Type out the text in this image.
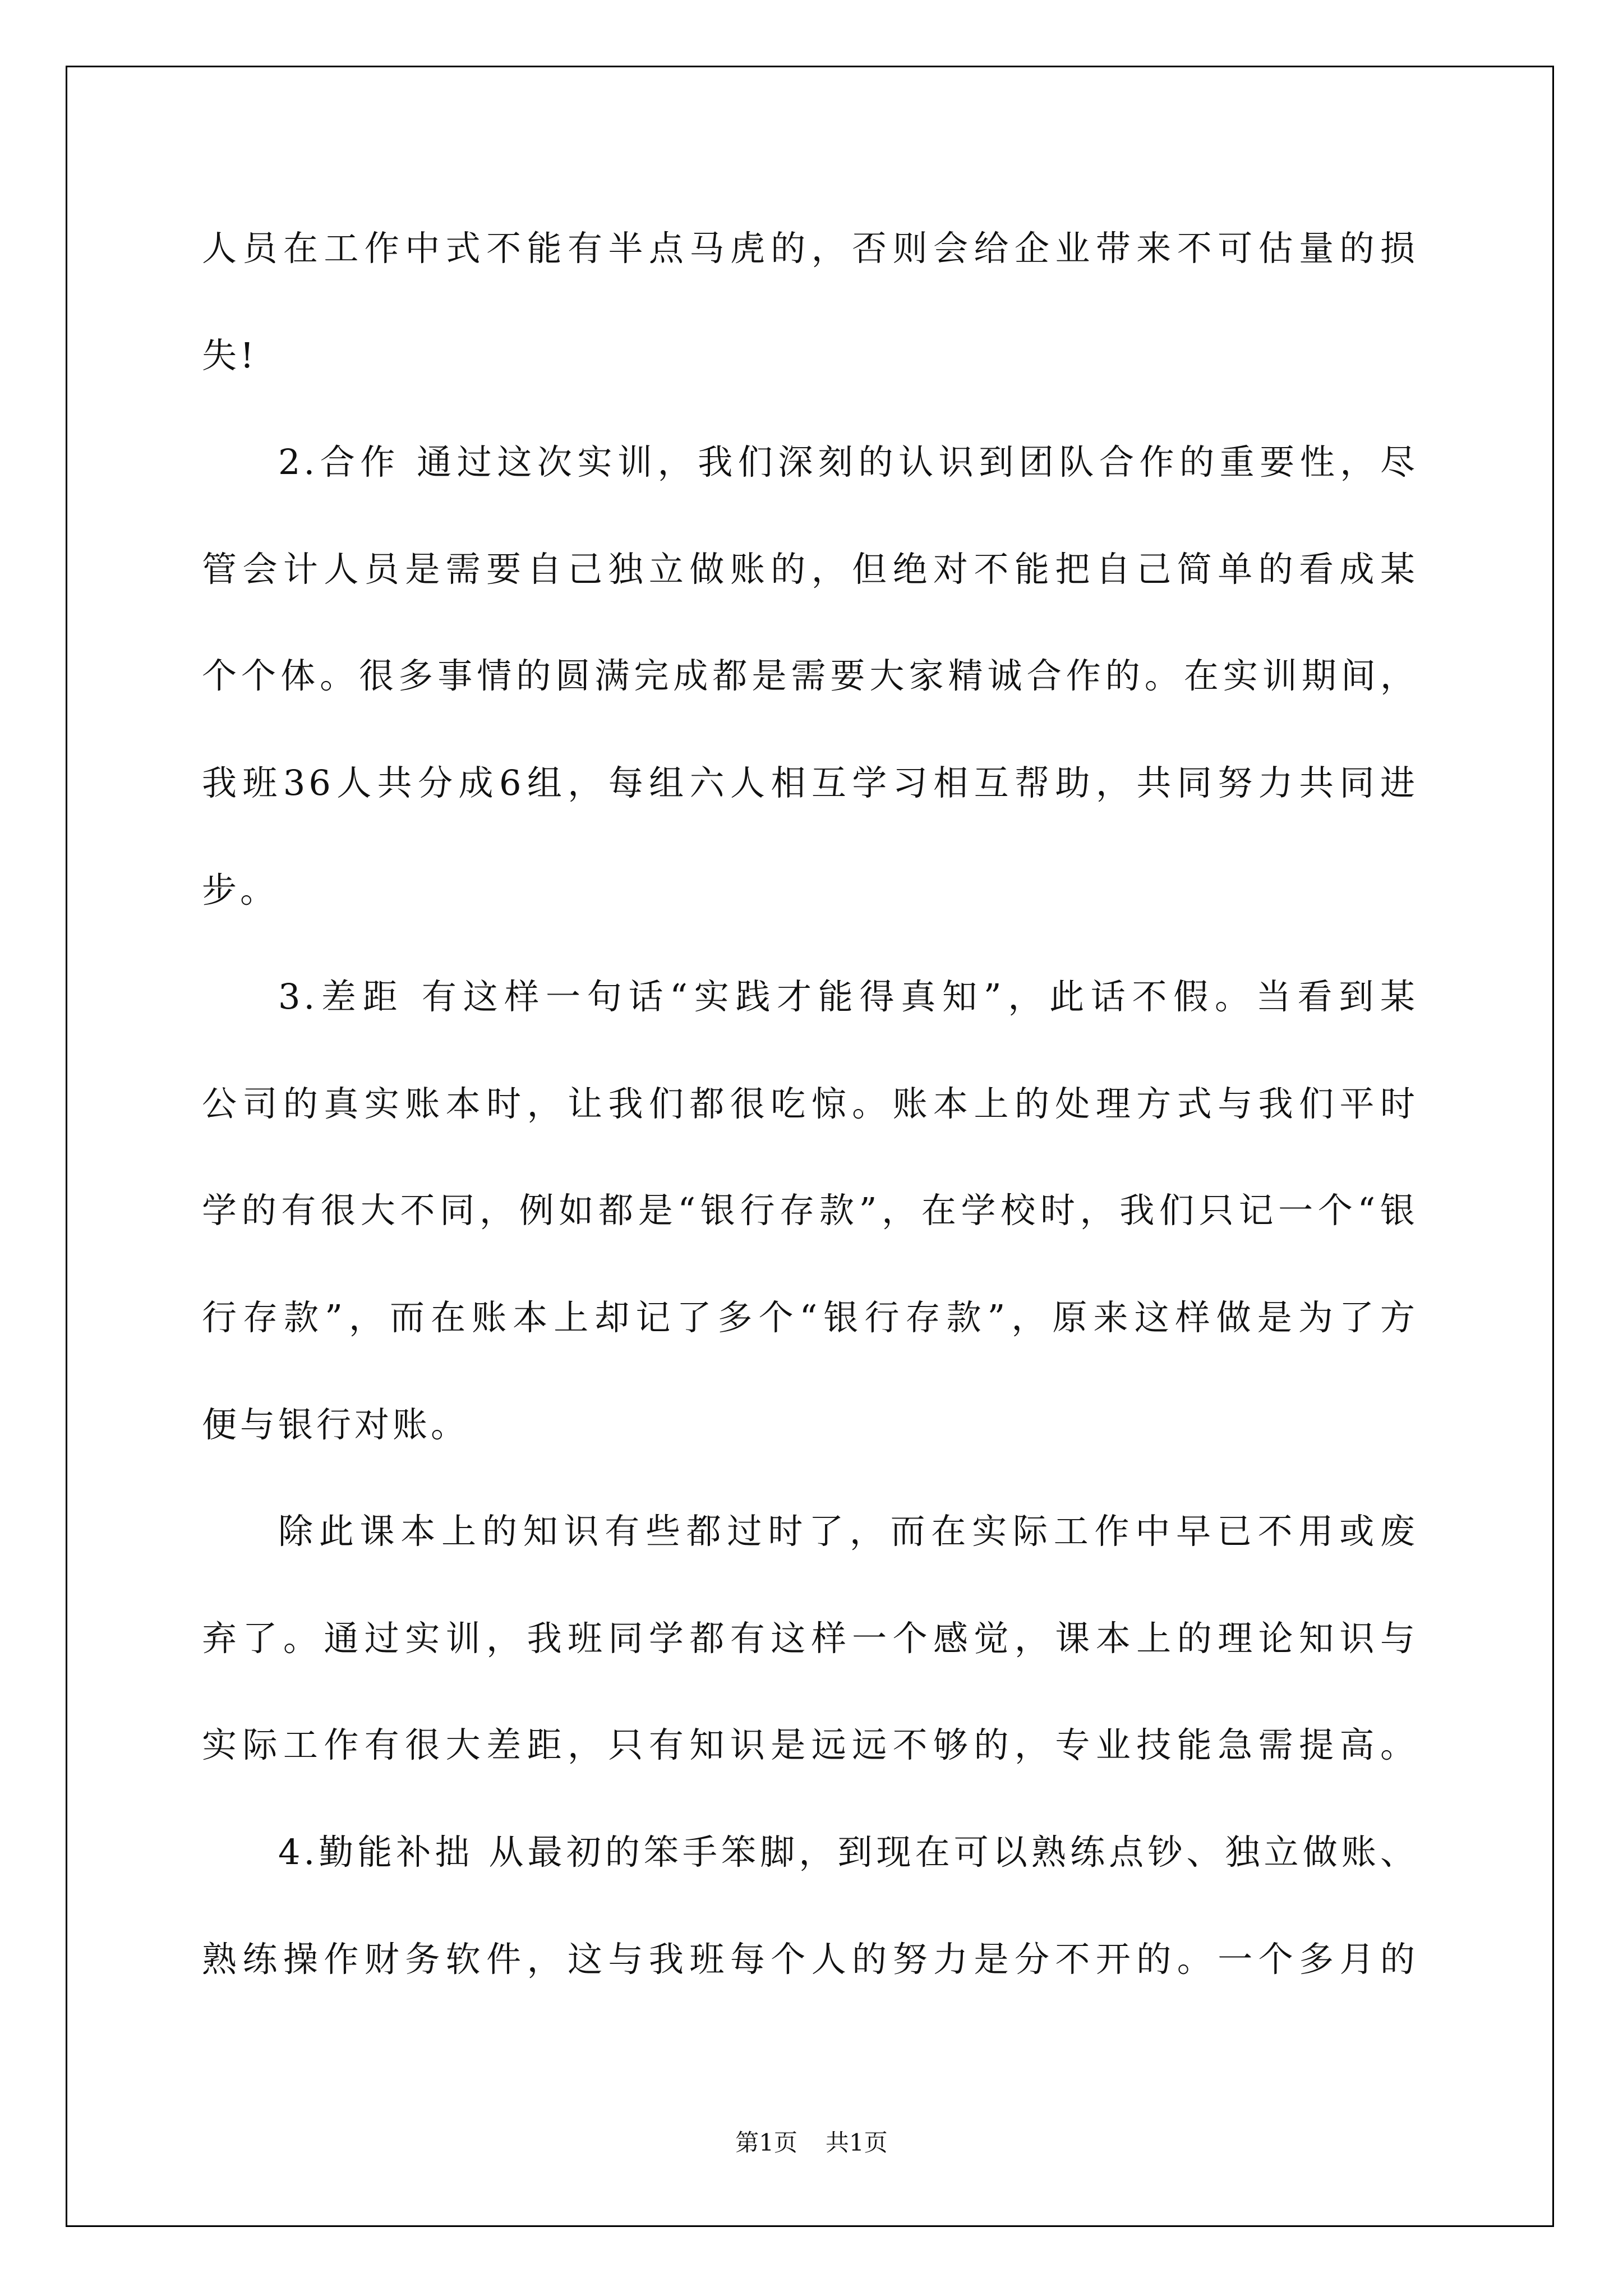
人员在工作中式不能有半点马虎的，否则会给企业带来不可估量的损
失!
2.合作 通过这次实训，我们深刻的认识到团队合作的重要性，尽
管会计人员是需要自己独立做账的，但绝对不能把自己简单的看成某
个个体。很多事情的圆满完成都是需要大家精诚合作的。在实训期间，
我班36人共分成6组，每组六人相互学习相互帮助，共同努力共同进
步。
3.差距 有这样一句话“实践才能得真知”，此话不假。当看到某
公司的真实账本时，让我们都很吃惊。账本上的处理方式与我们平时
学的有很大不同，例如都是“银行存款”，在学校时，我们只记一个“银
行存款”，而在账本上却记了多个“银行存款”，原来这样做是为了方
便与银行对账。
除此课本上的知识有些都过时了，而在实际工作中早已不用或废
弃了。通过实训，我班同学都有这样一个感觉，课本上的理论知识与
实际工作有很大差距，只有知识是远远不够的，专业技能急需提高。
4.勤能补拙 从最初的笨手笨脚，到现在可以熟练点钞、独立做账、
熟练操作财务软件，这与我班每个人的努力是分不开的。一个多月的
第1页 共1页
